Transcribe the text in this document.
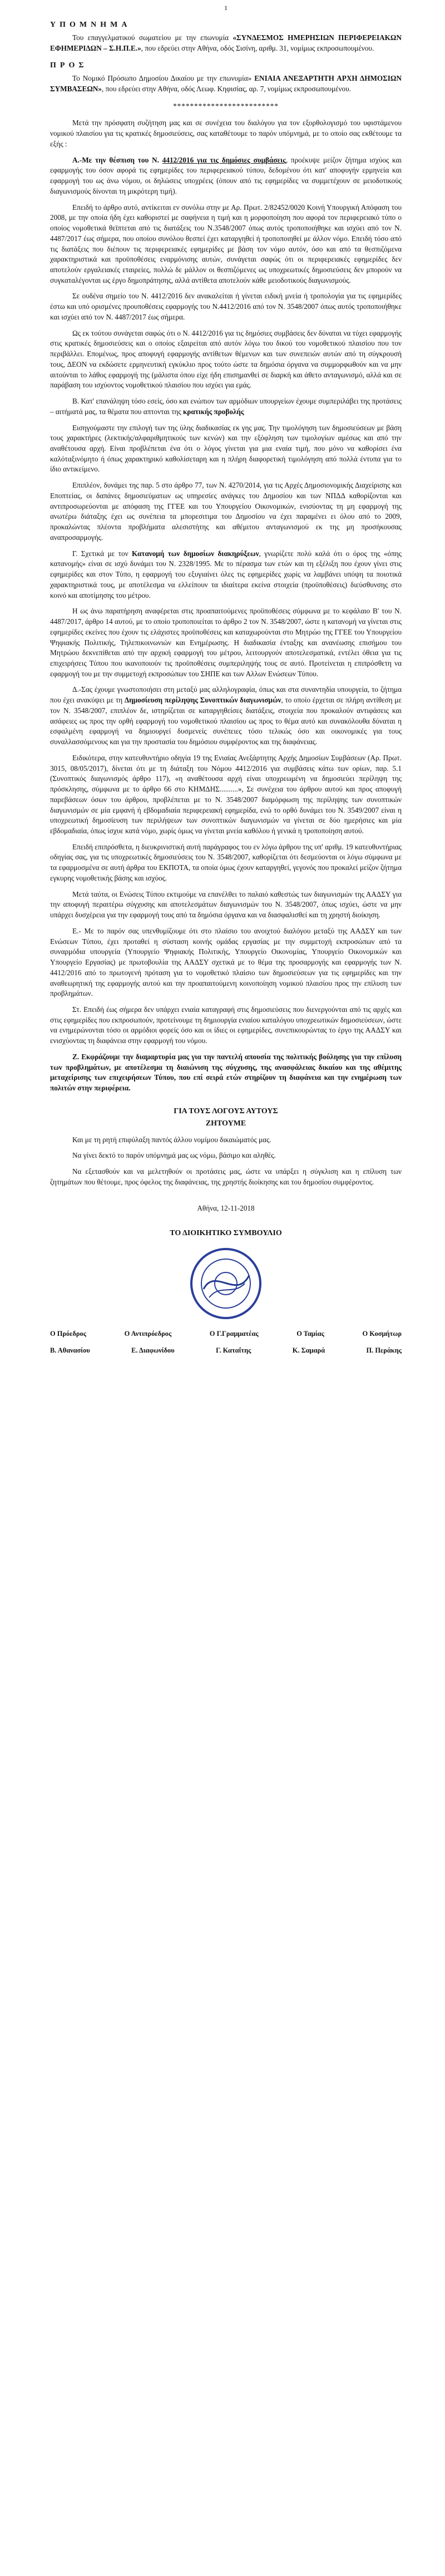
1
ΥΠΟΜΝΗΜΑ

Του επαγγελματικού σωματείου με την επωνυμία «ΣΥΝΔΕΣΜΟΣ ΗΜΕΡΗΣΙΩΝ ΠΕΡΙΦΕΡΕΙΑΚΩΝ ΕΦΗΜΕΡΙΔΩΝ – Σ.Η.Π.Ε.», που εδρεύει στην Αθήνα, οδός Σισίνη, αριθμ. 31, νομίμως εκπροσωπουμένου.

ΠΡΟΣ

Το Νομικό Πρόσωπο Δημοσίου Δικαίου με την επωνυμία» ΕΝΙΑΙΑ ΑΝΕΞΑΡΤΗΤΗ ΑΡΧΗ ΔΗΜΟΣΙΩΝ ΣΥΜΒΑΣΕΩΝ», που εδρεύει στην Αθήνα, οδός Λεωφ. Κηφισίας, αρ. 7, νομίμως εκπροσωπουμένου.

*************************

Μετά την πρόσφατη συζήτηση μας και σε συνέχεια του διαλόγου για τον εξορθολογισμό του υφιστάμενου νομικού πλαισίου για τις κρατικές δημοσιεύσεις, σας καταθέτουμε το παρόν υπόμνημά, με το οποίο σας εκθέτουμε τα εξής :

Α.-Με την θέσπιση του Ν. 4412/2016 για τις δημόσιες συμβάσεις, προέκυψε μείζον ζήτημα ισχύος και εφαρμογής του όσον αφορά τις εφημερίδες του περιφερειακού τύπου, δεδομένου ότι κατ' αποφυγήν ερμηνεία και εφαρμογή του ως άνω νόμου, οι δηλώσεις υποχρέεις (όπουν από τις εφημερίδες να συμμετέχουν σε μειοδοτικούς διαγωνισμούς δίνονται τη μικρότερη τιμή).

Επειδή το άρθρο αυτό, αντίκειται εν συνόλω στην με Αρ. Πρωτ. 2/82452/0020 Κοινή Υπουργική Απόφαση του 2008, με την οποία ήδη έχει καθοριστεί με σαφήνεια η τιμή και η μορφοποίηση που αφορά τον περιφερειακό τύπο ο οποίος νομοθετικά θεϊπτεται από τις διατάξεις του Ν.3548/2007 όπως αυτός τροποποιήθηκε και ισχύει από τον Ν. 4487/2017 έως σήμερα, που οποίου συνόλου θεσπεί έχει καταργηθεί ή τροποποιηθεί με άλλον νόμο. Επειδή τόσο από τις διατάξεις που διέπουν τις περιφερειακές εφημερίδες με βάση τον νόμο αυτόν, όσο και από τα θεσπιζόμενα χαρακτηριστικά και προϋποθέσεις εναρμόνισης αυτών, συνάγεται σαφώς ότι οι περιφερειακές εφημερίδες δεν αποτελούν εργαλειακές εταιρείες, πολλώ δε μάλλον οι θεσπιζόμενες ως υποχρεωτικές δημοσιεύσεις δεν μπορούν να συγκαταλέγονται ως έργο δημοπράτησης, αλλά αντίθετα αποτελούν κάθε μειοδοτικούς διαγωνισμούς.

Σε ουδένα σημείο του Ν. 4412/2016 δεν ανακαλείται ή γίνεται ειδική μνεία ή τροπολογία για τις εφημερίδες έστω και υπό ορισμένες προυποθέσεις εφαρμογής του Ν.4412/2016 από τον Ν. 3548/2007 όπως αυτός τροποποιήθηκε και ισχύει από τον Ν. 4487/2017 έως σήμερα.

Ως εκ τούτου συνάγεται σαφώς ότι ο Ν. 4412/2016 για τις δημόσιες συμβάσεις δεν δύναται να τύχει εφαρμογής στις κρατικές δημοσιεύσεις και ο οποίος εξαιρείται από αυτόν λόγω του δικού του νομοθετικού πλαισίου που τον περιβάλλει. Επομένως, προς αποφυγή εφαρμογής αντίθετων θέμενων και των συνεπειών αυτών από τη σύγκρουσή τους, ΔΕΟΝ να εκδώσετε ερμηνευτική εγκύκλιο προς τούτο ώστε τα δημόσια όργανα να συμμορφωθούν και να μην αιτούνται το λάθος εφαρμογή της (μάλιστα όπου είχε ήδη επισημανθεί σε διαρκή και άθετο ανταγωνισμό, αλλά και σε παράβαση του ισχύοντος νομοθετικού πλαισίου που ισχύει για εμάς.

Β. Κατ' επανάληψη τόσο εσείς, όσο και ενώπιον των αρμόδιων υπουργείων έχουμε συμπεριλάβει της προτάσεις – αιτήματά μας, τα θέματα που απτονται της κρατικής προβολής

Εισηγούμαστε την επιλογή των της ύλης διαδικασίας εκ γης μας. Την τιμολόγηση των δημοσιεύσεων με βάση τους χαρακτήρες (λεκτικής/αλφαριθμητικούς των κενών) και την εξόφληση των τιμολογίων αμέσως και από την αναθέτουσα αρχή. Είναι προβλέπεται ένα ότι ο λόγος γίνεται για μια εναία τιμή, που μόνο να καθορίσει ένα καλόταξινόμητο ή όπως χαρακτηρικό καθολίσεταρη και η πλήρη διαφορετική τιμολόγηση από πολλά έντυπα για το ίδιο αντικείμενο.

Επιπλέον, δυνάμει της παρ. 5 στο άρθρο 77, των Ν. 4270/2014, για τις Αρχές Δημοσιονομικής Διαχείρισης και Εποπτείας, οι δαπάνες δημοσιεύματων ως υπηρεσίες ανάγκες του Δημοσίου και των ΝΠΔΔ καθορίζονται και αντιπροσωρεύονται με απόφαση της ΓΓΕΕ και του Υπουργείου Οικονομικών, ενισύοντας τη μη εφαρμογή της ανωτέρω διάταξης έχει ως συνέπεια τα μπορεσιτιμα του Δημοσίου να έχει παραμένει ει όλου από το 2009, προκαλώντας πλέοντα προβλήματα αλεσιστήτης και αθέμιτου ανταγωνισμού εκ της μη προσήκουσας αναπροσαρμογής.

Γ. Σχετικά με τον Κατανομή των δημοσίων διακηρύξεων, γνωρίζετε πολύ καλά ότι ο όρος της «όπης κατανομής» είναι σε ισχύ δυνάμει του Ν. 2328/1995. Με το πέρασμα των ετών και τη εξέλιξη που έχουν γίνει στις εφημερίδες και στον Τύπο, η εφαρμογή του εξυγιαίνει όλες τις εφημερίδες χωρίς να λαμβάνει υπόψη τα ποιοτικά χαρακτηριστικά τους, με αποτέλεσμα να ελλείπουν τα ιδιαίτερα εκείνα στοιχεία (προϋποθέσεις) διεύσθυνσης στο κοινό και αποτίμησης του μέτρου.

Η ως άνω παρατήρηση αναφέρεται στις προαπαιτούμενες προϋποθέσεις σύμφωνα με το κεφάλαιο Β' του Ν. 4487/2017, άρθρο 14 αυτού, με το οποίο τροποποιείται το άρθρο 2 τον Ν. 3548/2007, ώστε η κατανομή να γίνεται στις εφημερίδες εκείνες που έχουν τις ελάχιστες προϋποθέσεις και καταχωρούνται στο Μητρώο της ΓΓΕΕ του Υπουργείου Ψηφιακής Πολιτικής, Τηλεπικοινωνιών και Ενημέρωσης. Η διαδικασία ένταξης και ανανέωσης επισήμου του Μητρώου δεκνεπίθεται από την αρχική εφαρμογή του μέτρου, λειτουργούν αποτελεσματικά, εντέλει όθεια για τις επιχειρήσεις Τύπου που ικανοποιούν τις προϋποθέσεις συμπεριληψής τους σε αυτό. Προτείνεται η επιπρόσθετη να εφαρμογή του με την συμμετοχή εκπροσώπων του ΣΗΠΕ και των Αλλων Ενώσεων Τύπου.

Δ.-Σας έχουμε γνωστοποιήσει στη μεταξύ μας αλληλογραφία, όπως και στα συναντηδία υπουργεία, το ζήτημα που έχει ανακύψει με τη Δημοσίευση περίληψης Συνοπτικών διαγωνισμών, το οποίο έρχεται σε πλήρη αντίθεση με τον Ν. 3548/2007, επιπλέον δε, ιστηρίζεται σε καταργηθείσες διατάξεις, στοιχεία που προκαλούν αντιφάσεις και ασάφειες ως προς την ορθή εφαρμογή του νομοθετικού πλαισίου ως προς το θέμα αυτό και συνακόλουθα δύναται η εσφαλμένη εφαρμογή να δημιουργεί δυσμενείς συνέπειες τόσο τελικώς όσο και οικονομικές για τους συναλλασσόμενους και για την προστασία του δημόσιου συμφέροντος και της διαφάνειας.

Ειδικότερα, στην κατευθυντήριο οδηγία 19 της Ενιαίας Ανεξάρτητης Αρχής Δημοσίων Συμβάσεων (Αρ. Πρωτ. 3015, 08/05/2017), δίνεται ότι με τη διάταξη του Νόμου 4412/2016 για συμβάσεις κάτω των ορίων, παρ. 5.1 (Συνοπτικός διαγωνισμός άρθρο 117), «η αναθέτουσα αρχή είναι υποχρεωμένη να δημοσιεύει περίληψη της πρόσκλησης, σύμφωνα με το άρθρο 66 στο ΚΗΜΔΗΣ..........», Σε συνέχεια του άρθρου αυτού και προς αποφυγή παρεβάσεων όσων του άρθρου, προβλέπεται με το Ν. 3548/2007 διαμόρφωση της περίληψης των συνοπτικών διαγωνισμών σε μία εμφανή ή εβδομαδιαία περιφερειακή εφημερίδα, ενώ το ορθό δυνάμει του Ν. 3549/2007 είναι η υποχρεωτική δημοσίευση των περιλήψεων των συνοπτικών διαγωνισμών να γίνεται σε δύο ημερήσιες και μία εβδομαδιαία, όπως ίσχυε κατά νόμο, χωρίς όμως να γίνεται μνεία καθόλου ή γενικά η τροποποίηση αυτού.

Επειδή επιπρόσθετα, η διευκρινιστική αυτή παράγραφος του εν λόγω άρθρου της υπ' αριθμ. 19 κατευθυντήριας οδηγίας σας, για τις υποχρεωτικές δημοσιεύσεις του Ν. 3548/2007, καθορίζεται ότι δεσμεύονται οι λόγω σύμφωνα με τα εφαρμοσμένα σε αυτή άρθρα του ΕΚΠΟΤΑ, τα οποία όμως έχουν καταργηθεί, γεγονός που προκαλεί μείζον ζήτημα εγκυρης νομοθετικής βάσης και ισχύος.

Μετά ταύτα, οι Ενώσεις Τύπου εκτιμούμε να επανέλθει το παλαιό καθεστώς των διαγωνισμών της ΑΑΔΣΥ για την αποφυγή περαιτέρω σύγχυσης και αποτελεσμάτων διαγωνισμών του Ν. 3548/2007, όπως ισχύει, ώστε να μην υπάρχει δυσχέρεια για την εφαρμογή τους από τα δημόσια όργανα και να διασφαλισθεί και τη χρηστή διοίκηση.

Ε.- Με το παρόν σας υπενθυμίζουμε ότι στο πλαίσιο του ανοιχτού διαλόγου μεταξύ της ΑΑΔΣΥ και των Ενώσεων Τύπου, έχει προταθεί η σύσταση κοινής ομάδας εργασίας με την συμμετοχή εκπροσώπων από τα συναρμόδια υπουργεία (Υπουργείο Ψηφιακής Πολιτικής, Υπουργείο Οικονομίας, Υπουργείο Οικονομικών και Υπουργείο Εργασίας) με πρωτοβουλία της ΑΑΔΣΥ σχετικά με το θέμα της προσαρμογής και εφαρμογής των Ν. 4412/2016 από το πρωτογενή πρόταση για το νομοθετικό πλαίσιο των δημοσιεύσεων για τις εφημερίδες και την αναθεωρητική της εφαρμογής αυτού και την προαπαιτούμενη κοινοποίηση νομικού πλαισίου προς την επίλυση των προβλημάτων.

Στ. Επειδή έως σήμερα δεν υπάρχει ενιαία καταγραφή στις δημοσιεύσεις που διενεργούνται από τις αρχές και στις εφημερίδες που εκπροσωπούν, προτείνουμε τη δημιουργία ενιαίου καταλόγου υποχρεωτικών δημοσιεύσεων, ώστε να ενημερώνονται τόσο οι αρμόδιοι φορείς όσο και οι ίδιες οι εφημερίδες, συνεπικουρώντας το έργο της ΑΑΔΣΥ και ενισχύοντας τη διαφάνεια στην εφαρμογή του νόμου.

Z. Εκφράζουμε την διαμαρτυρία μας για την παντελή απουσία της πολιτικής βούλησης για την επίλυση των προβλημάτων, με αποτέλεσμα τη διαιώνιση της σύγχυσης, της ανασφάλειας δικαίου και της αθέμιτης μεταχείρισης των επιχειρήσεων Τύπου, που επί σειρά ετών στηρίζουν τη διαφάνεια και την ενημέρωση των πολιτών στην περιφέρεια.

ΓΙΑ ΤΟΥΣ ΛΟΓΟΥΣ ΑΥΤΟΥΣ
ΖΗΤΟΥΜΕ

Και με τη ρητή επιφύλαξη παντός άλλου νομίμου δικαιώματός μας.

Να γίνει δεκτό το παρόν υπόμνημά μας ως νόμω, βάσιμο και αληθές.

Να εξετασθούν και να μελετηθούν οι προτάσεις μας, ώστε να υπάρξει η σύγκλιση και η επίλυση των ζητημάτων που θέτουμε, προς όφελος της διαφάνειας, της χρηστής διοίκησης και του δημοσίου συμφέροντος.

Αθήνα, 12-11-2018
ΤΟ ΔΙΟΙΚΗΤΙΚΟ ΣΥΜΒΟΥΛΙΟ
Ο Πρόεδρος	Ο Αντιπρόεδρος	Ο Γ.Γραμματέας	Ο Ταμίας	Ο Κοσμήτωρ
Β. Αθανασίου	Ε. Διαφωνίδου	Γ. Καταΐτης	Κ. Σαμαρά	Π. Περάκης
